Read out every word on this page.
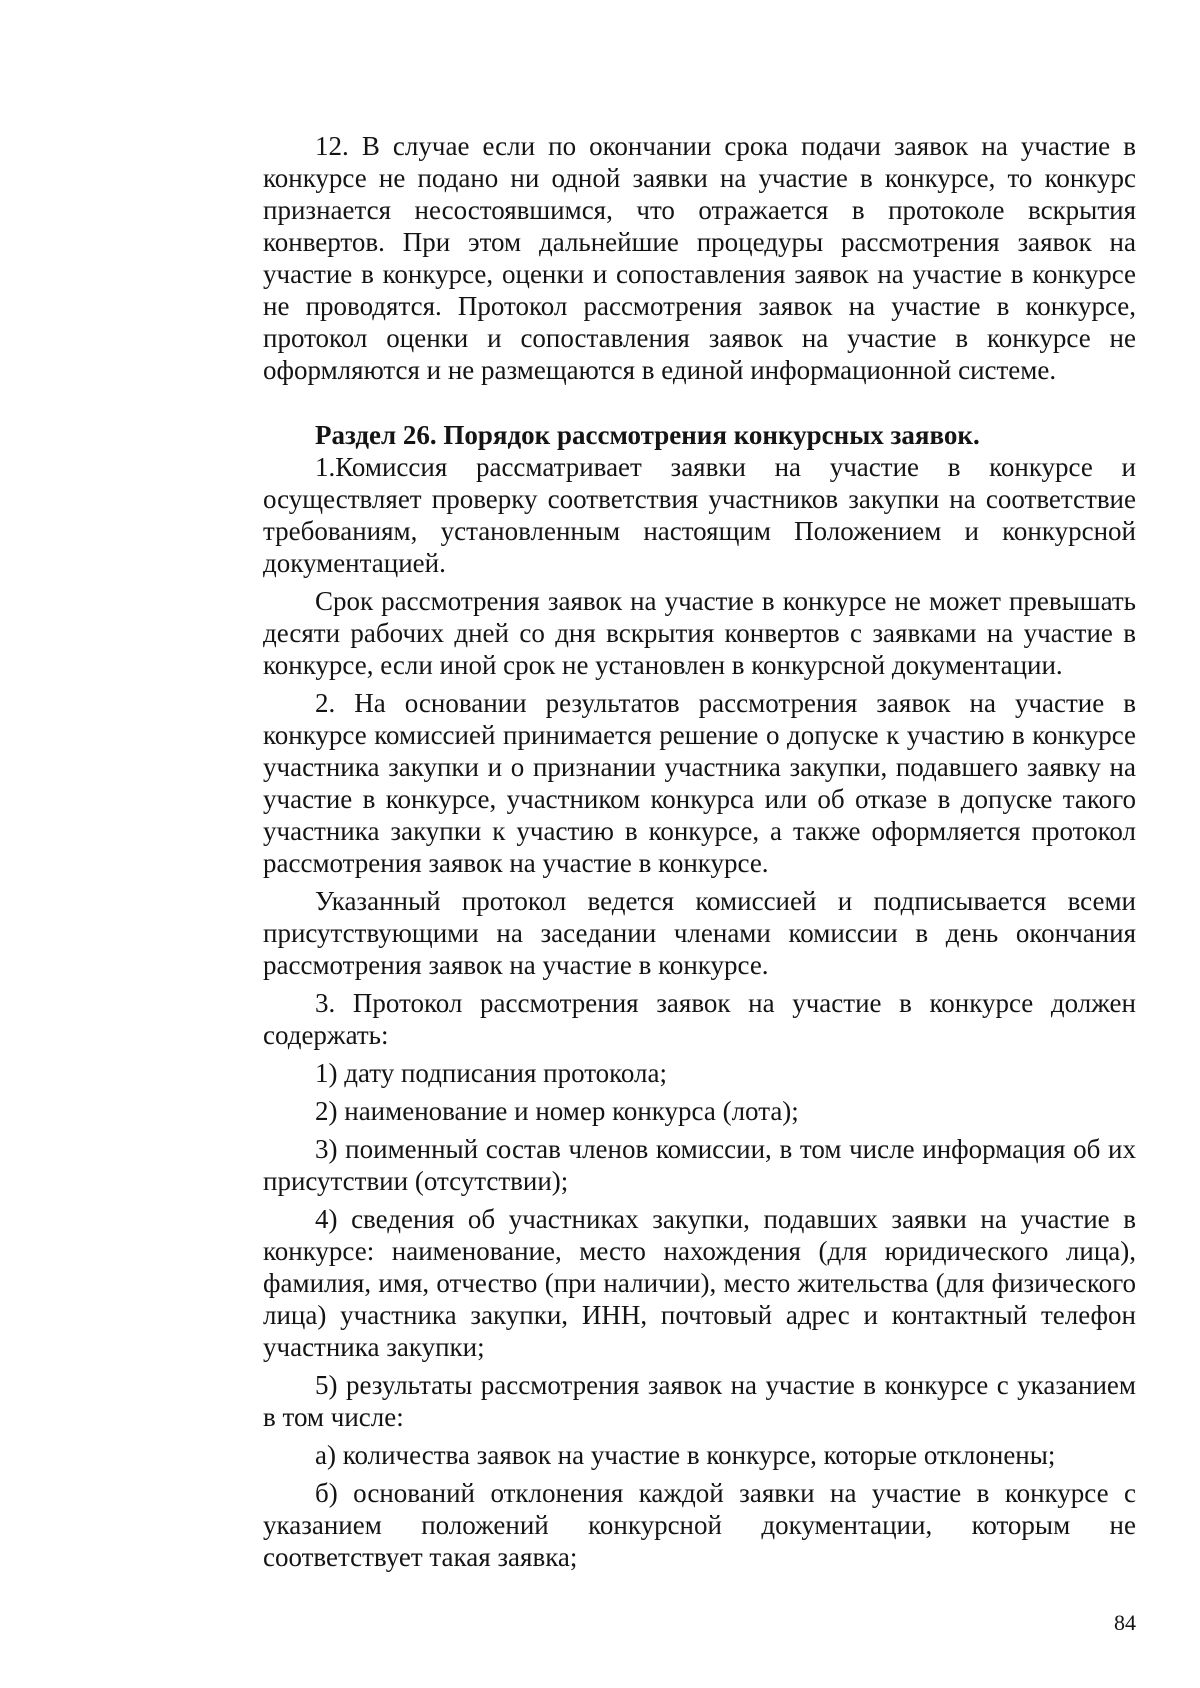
12. В случае если по окончании срока подачи заявок на участие в конкурсе не подано ни одной заявки на участие в конкурсе, то конкурс признается несостоявшимся, что отражается в протоколе вскрытия конвертов. При этом дальнейшие процедуры рассмотрения заявок на участие в конкурсе, оценки и сопоставления заявок на участие в конкурсе не проводятся. Протокол рассмотрения заявок на участие в конкурсе, протокол оценки и сопоставления заявок на участие в конкурсе не оформляются и не размещаются в единой информационной системе.

Раздел 26. Порядок рассмотрения конкурсных заявок.

1.Комиссия рассматривает заявки на участие в конкурсе и осуществляет проверку соответствия участников закупки на соответствие требованиям, установленным настоящим Положением и конкурсной документацией.

Срок рассмотрения заявок на участие в конкурсе не может превышать десяти рабочих дней со дня вскрытия конвертов с заявками на участие в конкурсе, если иной срок не установлен в конкурсной документации.

2. На основании результатов рассмотрения заявок на участие в конкурсе комиссией принимается решение о допуске к участию в конкурсе участника закупки и о признании участника закупки, подавшего заявку на участие в конкурсе, участником конкурса или об отказе в допуске такого участника закупки к участию в конкурсе, а также оформляется протокол рассмотрения заявок на участие в конкурсе.

Указанный протокол ведется комиссией и подписывается всеми присутствующими на заседании членами комиссии в день окончания рассмотрения заявок на участие в конкурсе.

3. Протокол рассмотрения заявок на участие в конкурсе должен содержать:

1) дату подписания протокола;

2) наименование и номер конкурса (лота);

3) поименный состав членов комиссии, в том числе информация об их присутствии (отсутствии);

4) сведения об участниках закупки, подавших заявки на участие в конкурсе: наименование, место нахождения (для юридического лица), фамилия, имя, отчество (при наличии), место жительства (для физического лица) участника закупки, ИНН, почтовый адрес и контактный телефон участника закупки;

5) результаты рассмотрения заявок на участие в конкурсе с указанием в том числе:

а) количества заявок на участие в конкурсе, которые отклонены;

б) оснований отклонения каждой заявки на участие в конкурсе с указанием положений конкурсной документации, которым не соответствует такая заявка;

84
